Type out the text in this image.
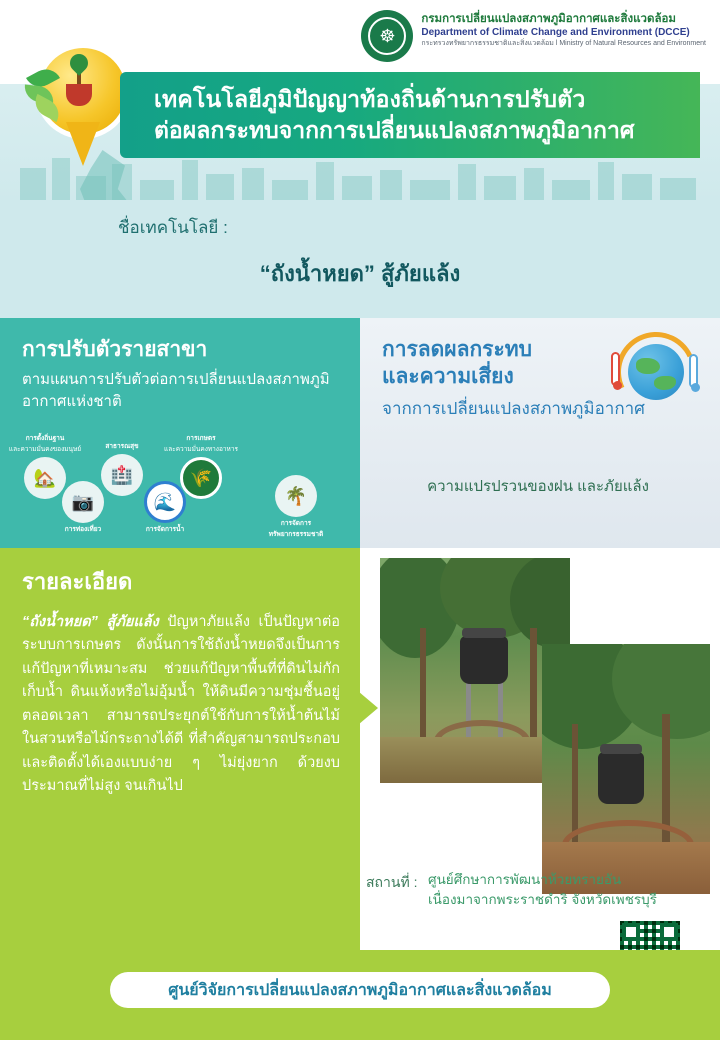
☸
กรมการเปลี่ยนแปลงสภาพภูมิอากาศและสิ่งแวดล้อม
Department of Climate Change and Environment (DCCE)
กระทรวงทรัพยากรธรรมชาติและสิ่งแวดล้อม l Ministry of Natural Resources and Environment
เทคโนโลยีภูมิปัญญาท้องถิ่นด้านการปรับตัว
ต่อผลกระทบจากการเปลี่ยนแปลงสภาพภูมิอากาศ
ชื่อเทคโนโลยี :
“ถังน้ำหยด” สู้ภัยแล้ง
การปรับตัวรายสาขา

ตามแผนการปรับตัวต่อการเปลี่ยนแปลงสภาพภูมิอากาศแห่งชาติ

การตั้งถิ่นฐาน
และความมั่นคงของมนุษย์
🏡
สาธารณสุข
🏥
การเกษตร
และความมั่นคงทางอาหาร
🌾
📷
การท่องเที่ยว
🌊
การจัดการน้ำ
🌴
การจัดการ
ทรัพยากรธรรมชาติ
การลดผลกระทบ
และความเสี่ยง
จากการเปลี่ยนแปลงสภาพภูมิอากาศ
ความแปรปรวนของฝน และภัยแล้ง
รายละเอียด
“ถังน้ำหยด” สู้ภัยแล้ง ปัญหาภัยแล้ง เป็นปัญหาต่อระบบการเกษตร ดังนั้นการใช้ถังน้ำหยดจึงเป็นการแก้ปัญหาที่เหมาะสม ช่วยแก้ปัญหาพื้นที่ที่ดินไม่กักเก็บน้ำ ดินแห้งหรือไม่อุ้มน้ำ ให้ดินมีความชุ่มชื้นอยู่ตลอดเวลา สามารถประยุกต์ใช้กับการให้น้ำต้นไม้ในสวนหรือไม้กระถางได้ดี ที่สำคัญสามารถประกอบและติดตั้งได้เองแบบง่าย ๆ ไม่ยุ่งยาก ด้วยงบประมาณที่ไม่สูง จนเกินไป
สถานที่ : ศูนย์ศึกษาการพัฒนาห้วยทรายอัน
เนื่องมาจากพระราชดำริ จังหวัดเพชรบุรี
ศูนย์วิจัยการเปลี่ยนแปลงสภาพภูมิอากาศและสิ่งแวดล้อม
